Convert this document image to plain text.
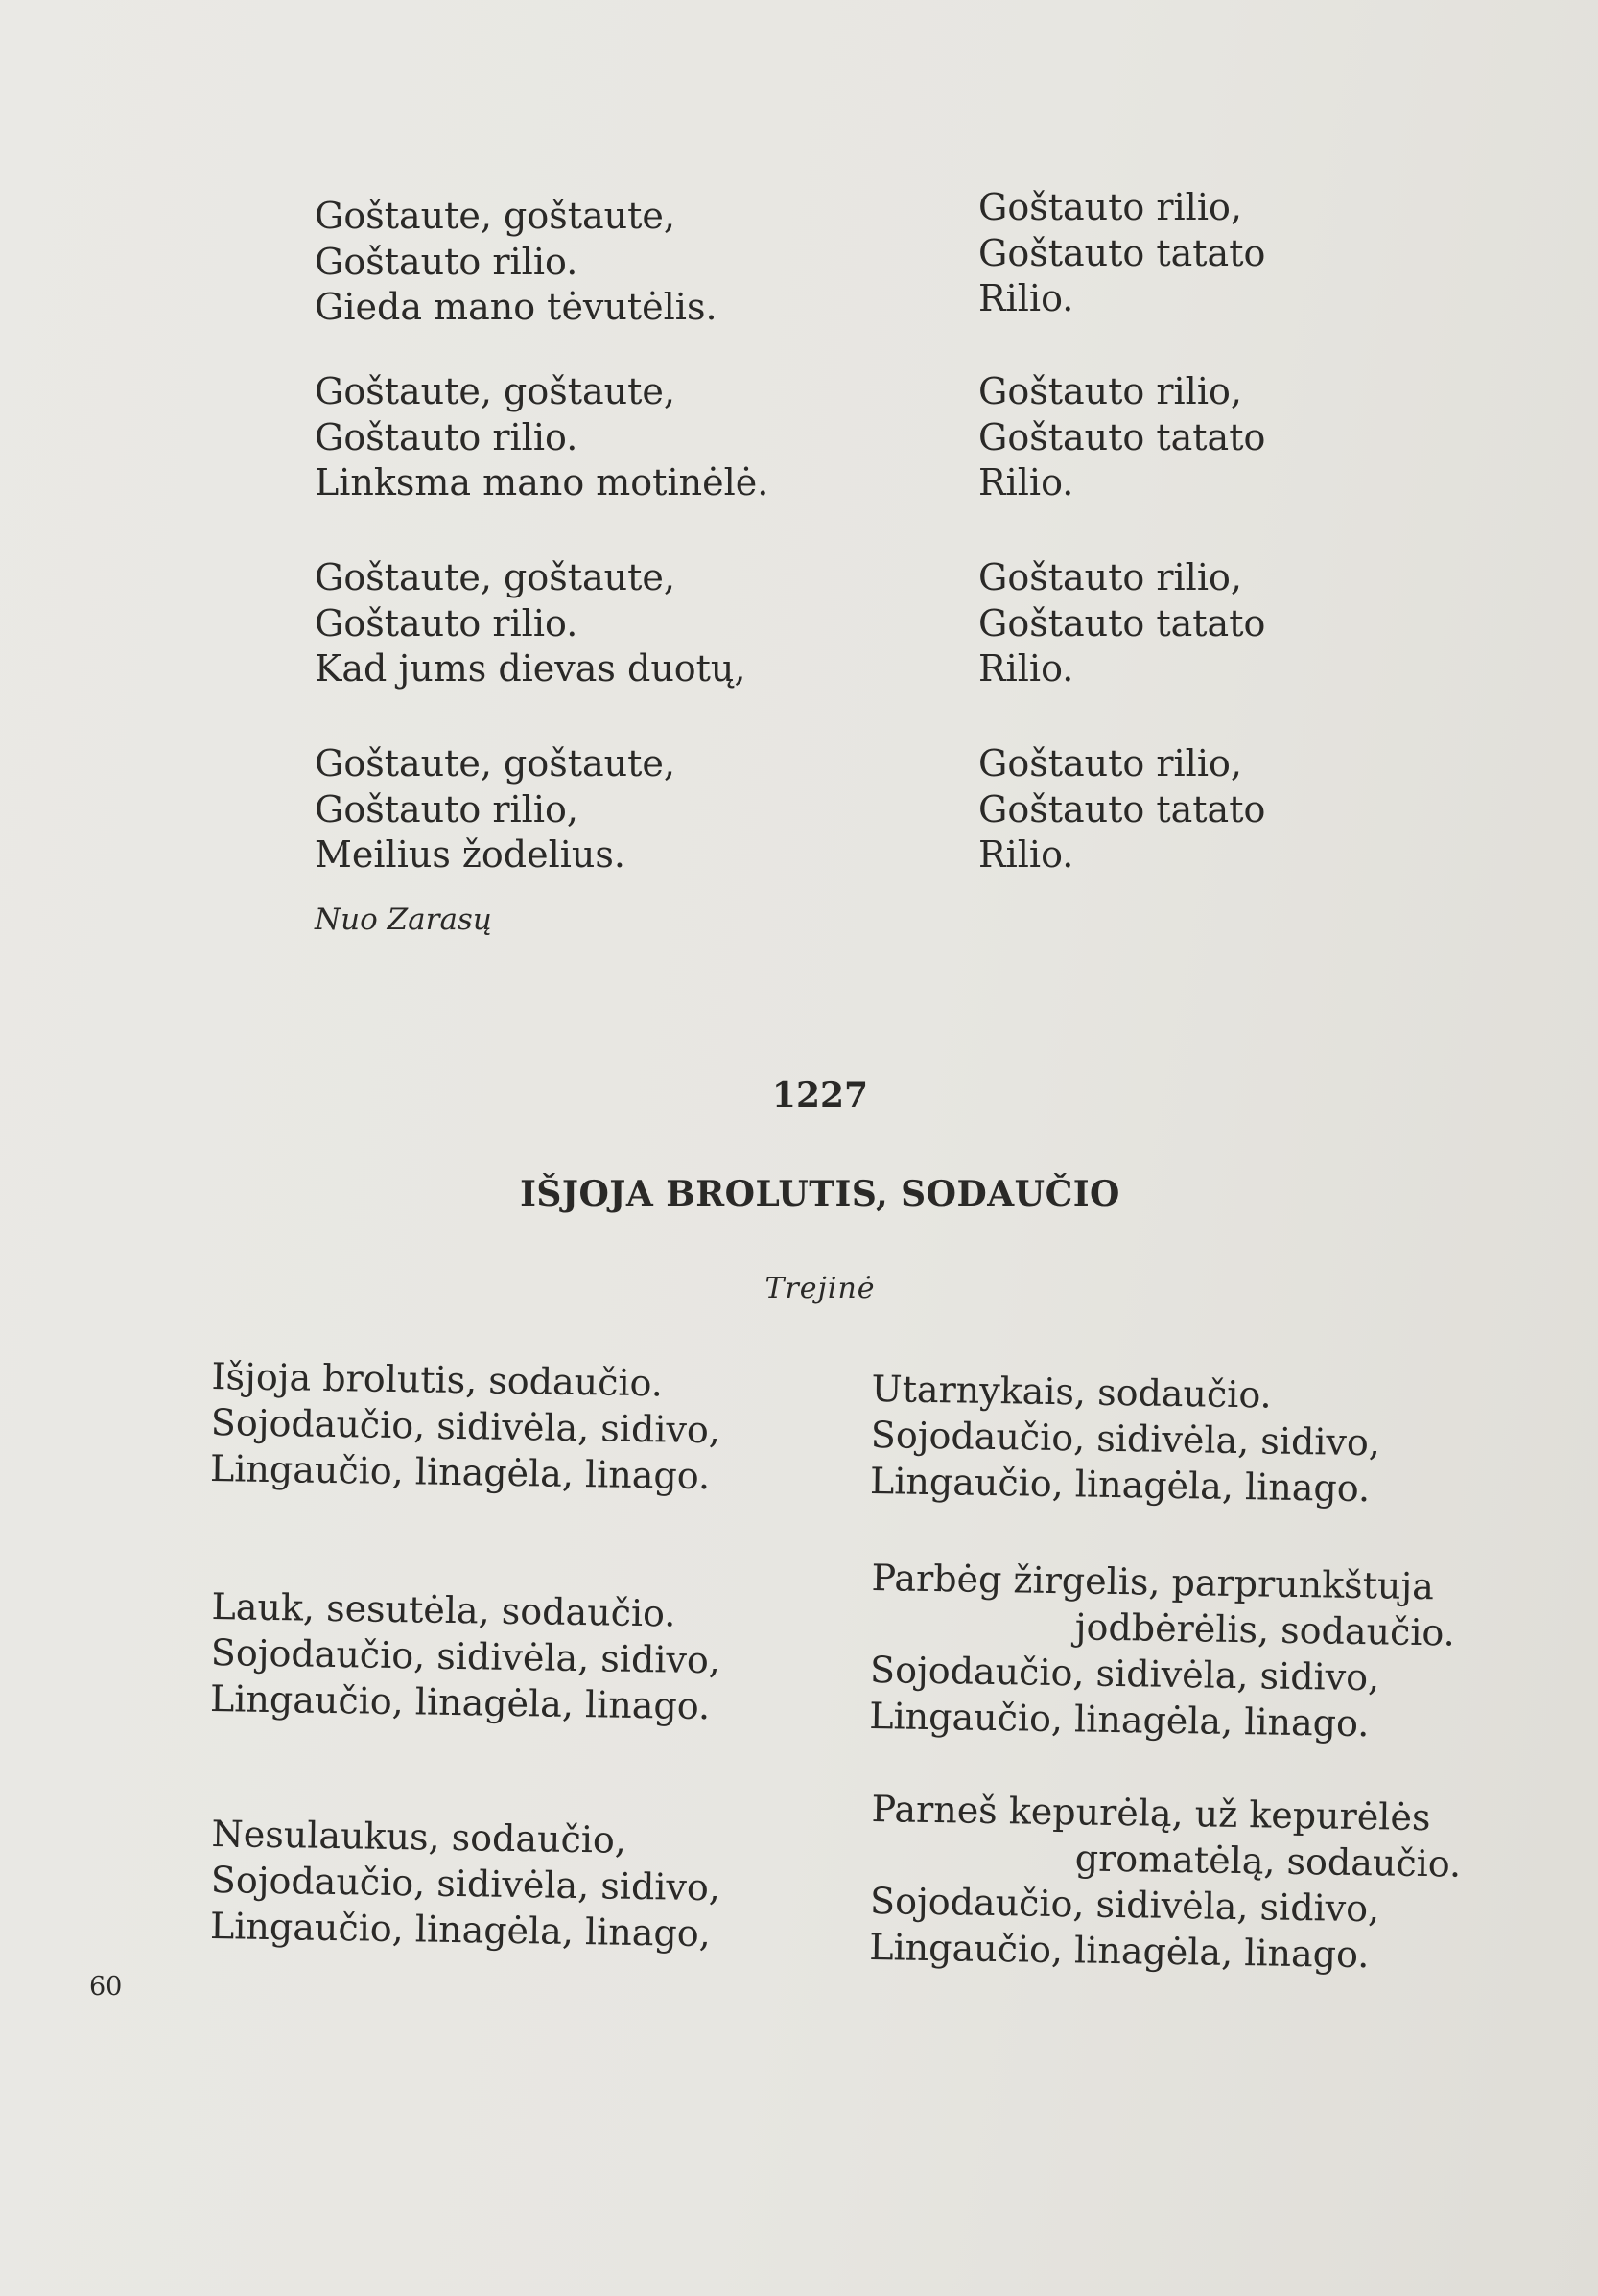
Goštaute, goštaute,
Goštauto rilio.
Gieda mano tėvutėlis.
Goštaute, goštaute,
Goštauto rilio.
Linksma mano motinėlė.
Goštaute, goštaute,
Goštauto rilio.
Kad jums dievas duotų,
Goštaute, goštaute,
Goštauto rilio,
Meilius žodelius.
Goštauto rilio,
Goštauto tatato
Rilio.
Goštauto rilio,
Goštauto tatato
Rilio.
Goštauto rilio,
Goštauto tatato
Rilio.
Goštauto rilio,
Goštauto tatato
Rilio.
Nuo Zarasų
1227
IŠJOJA BROLUTIS, SODAUČIO
Trejinė
Išjoja brolutis, sodaučio.
Sojodaučio, sidivėla, sidivo,
Lingaučio, linagėla, linago.
Lauk, sesutėla, sodaučio.
Sojodaučio, sidivėla, sidivo,
Lingaučio, linagėla, linago.
Nesulaukus, sodaučio,
Sojodaučio, sidivėla, sidivo,
Lingaučio, linagėla, linago,
Utarnykais, sodaučio.
Sojodaučio, sidivėla, sidivo,
Lingaučio, linagėla, linago.
Parbėg žirgelis, parprunkštuja
jodbėrėlis, sodaučio.
Sojodaučio, sidivėla, sidivo,
Lingaučio, linagėla, linago.
Parneš kepurėlą, už kepurėlės
gromatėlą, sodaučio.
Sojodaučio, sidivėla, sidivo,
Lingaučio, linagėla, linago.
60
